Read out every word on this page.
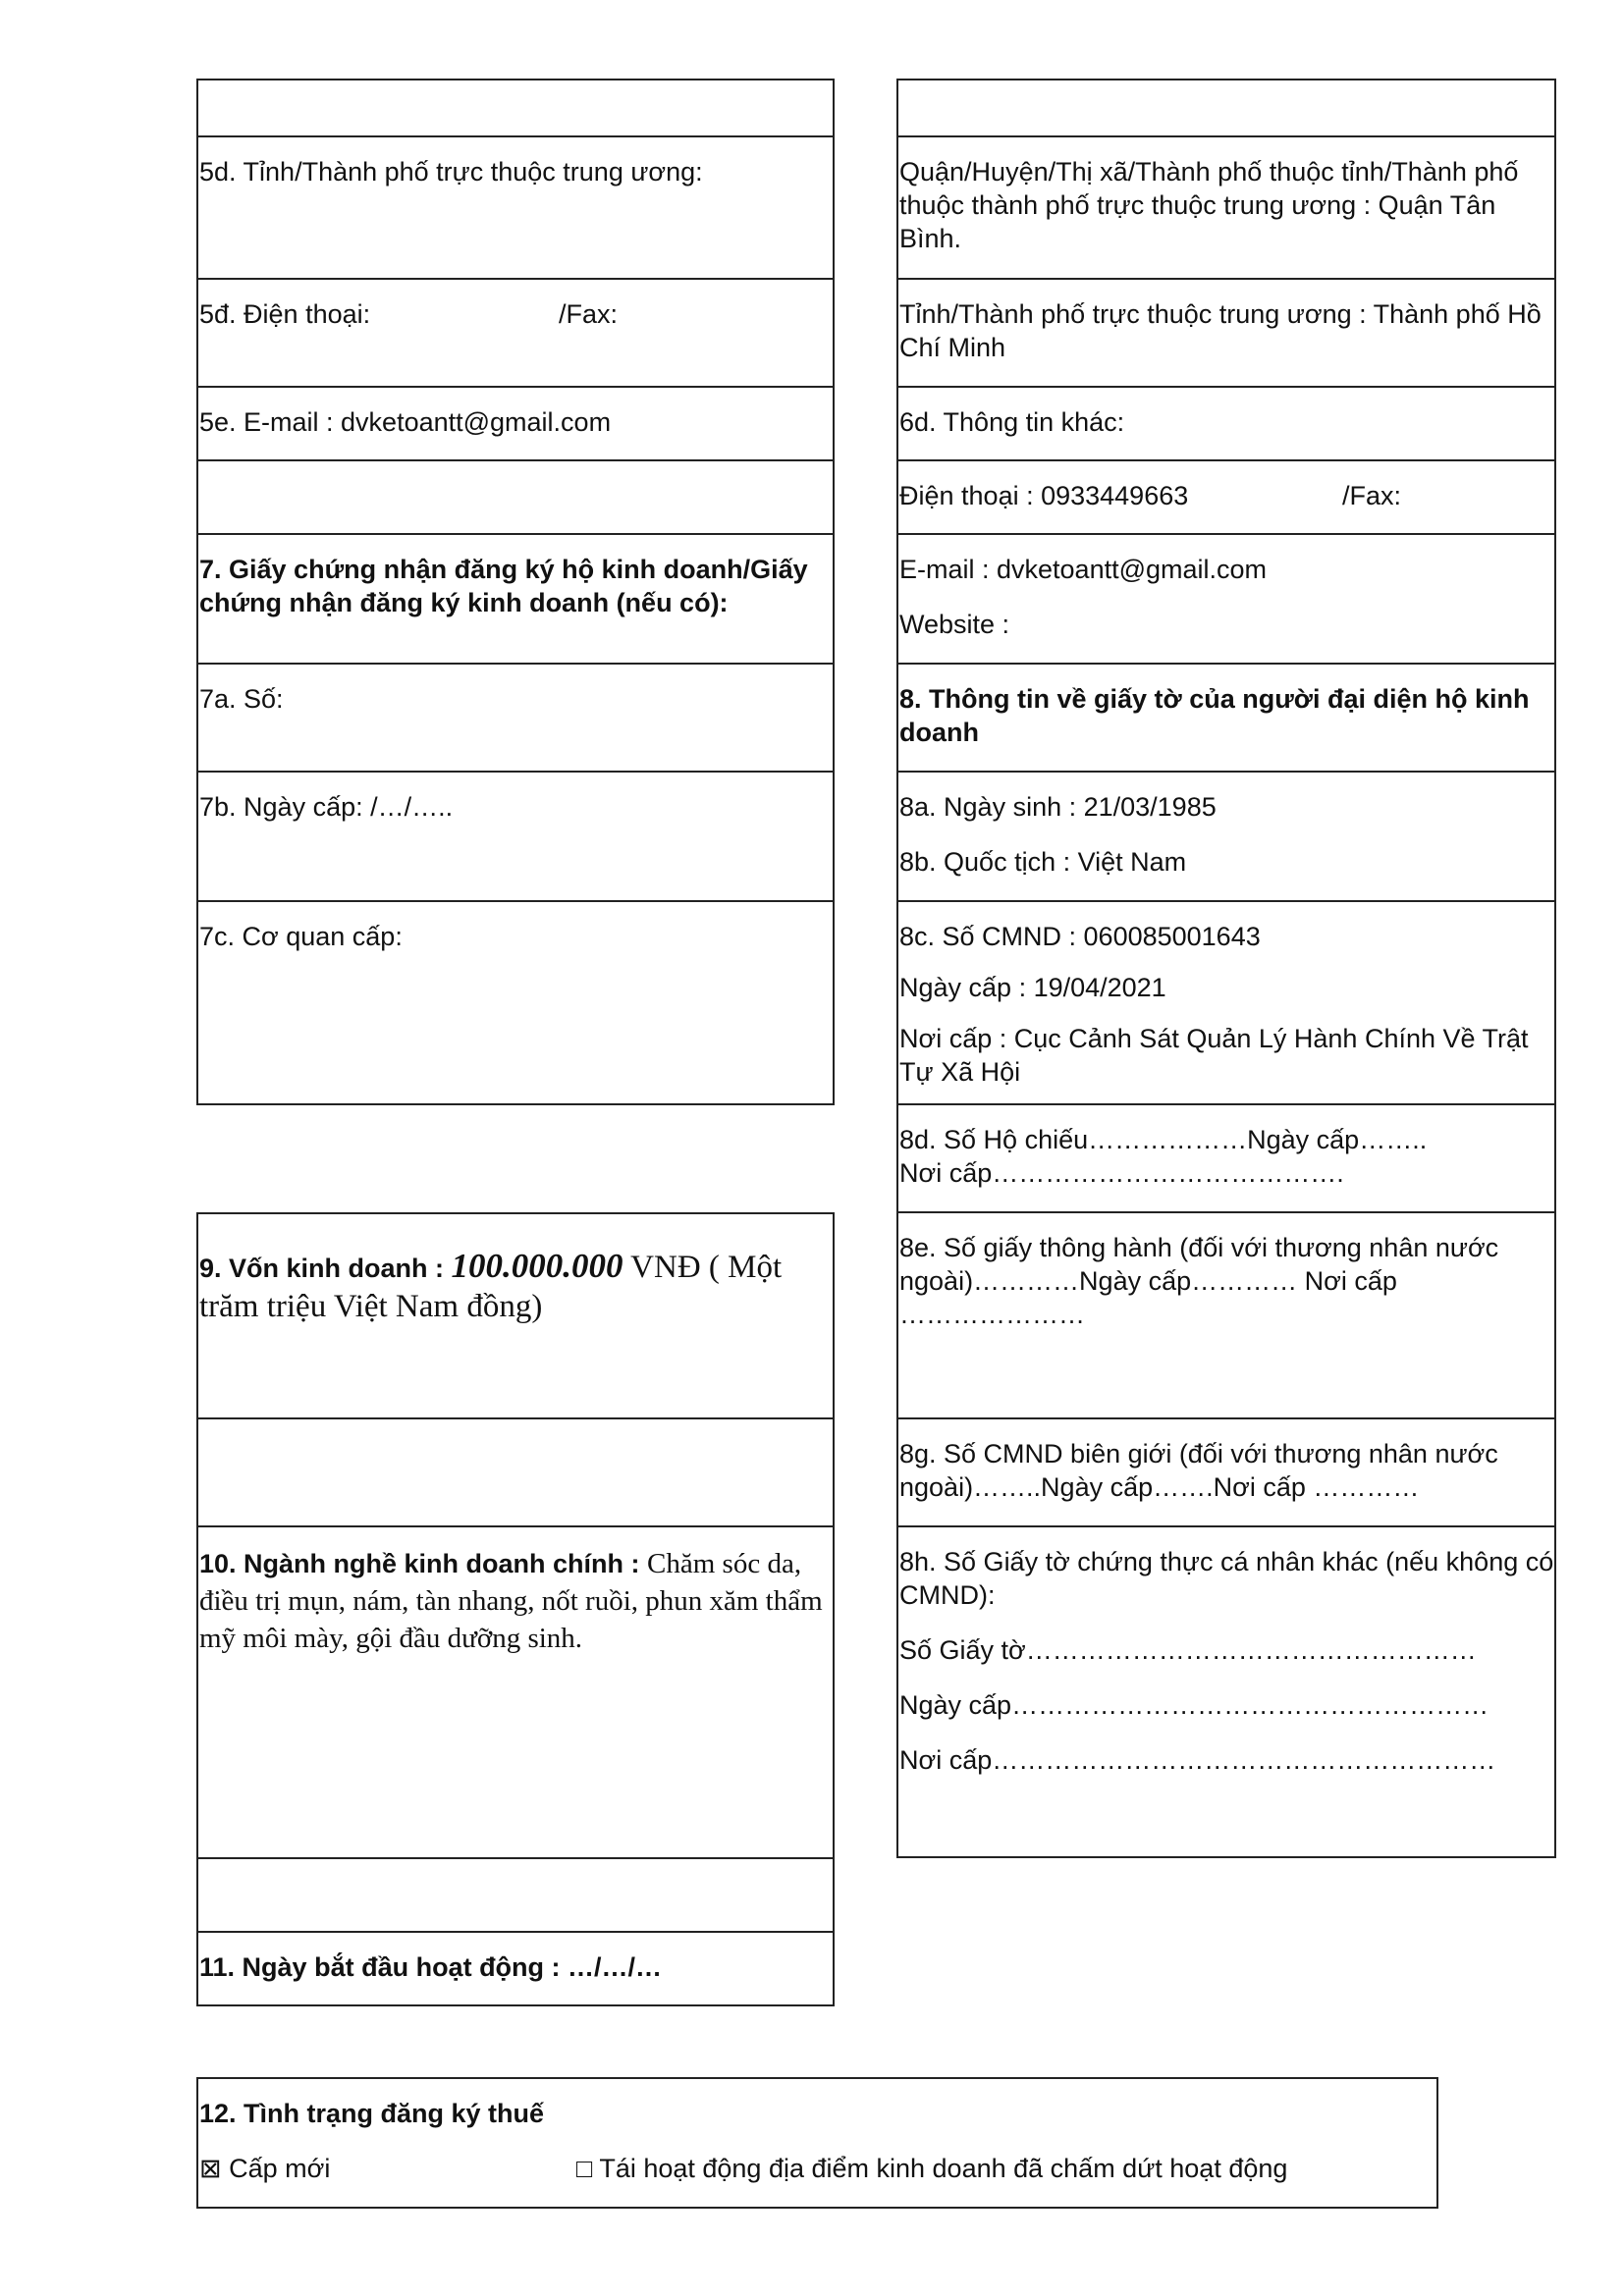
5d. Tỉnh/Thành phố trực thuộc trung ương:
5đ. Điện thoại:	/Fax:
5e. E-mail : dvketoantt@gmail.com
7. Giấy chứng nhận đăng ký hộ kinh doanh/Giấy chứng nhận đăng ký kinh doanh (nếu có):
7a. Số:
7b. Ngày cấp: /…/…..
7c. Cơ quan cấp:
9. Vốn kinh doanh : 100.000.000 VNĐ ( Một trăm triệu Việt Nam đồng)
10. Ngành nghề kinh doanh chính : Chăm sóc da, điều trị mụn, nám, tàn nhang, nốt ruồi, phun xăm thẩm mỹ môi mày, gội đầu dưỡng sinh.
11. Ngày bắt đầu hoạt động : …/…/…
Quận/Huyện/Thị xã/Thành phố thuộc tỉnh/Thành phố thuộc thành phố trực thuộc trung ương : Quận Tân Bình.
Tỉnh/Thành phố trực thuộc trung ương : Thành phố Hồ Chí Minh
6d. Thông tin khác:
Điện thoại : 0933449663	/Fax:
E-mail : dvketoantt@gmail.com
Website :
8. Thông tin về giấy tờ của người đại diện hộ kinh doanh
8a. Ngày sinh : 21/03/1985
8b. Quốc tịch : Việt Nam
8c. Số CMND : 060085001643
Ngày cấp : 19/04/2021
Nơi cấp : Cục Cảnh Sát Quản Lý Hành Chính Về Trật Tự Xã Hội
8d. Số Hộ chiếu………………Ngày cấp……..
Nơi cấp………………………………….
8e. Số giấy thông hành (đối với thương nhân nước ngoài)…………Ngày cấp………… Nơi cấp …………………
8g. Số CMND biên giới (đối với thương nhân nước ngoài)……..Ngày cấp…….Nơi cấp …………
8h. Số Giấy tờ chứng thực cá nhân khác (nếu không có CMND):
Số Giấy tờ……………………………………………
Ngày cấp………………………………………………
Nơi cấp…………………………………………………
12. Tình trạng đăng ký thuế
⊠ Cấp mới	□ Tái hoạt động địa điểm kinh doanh đã chấm dứt hoạt động
